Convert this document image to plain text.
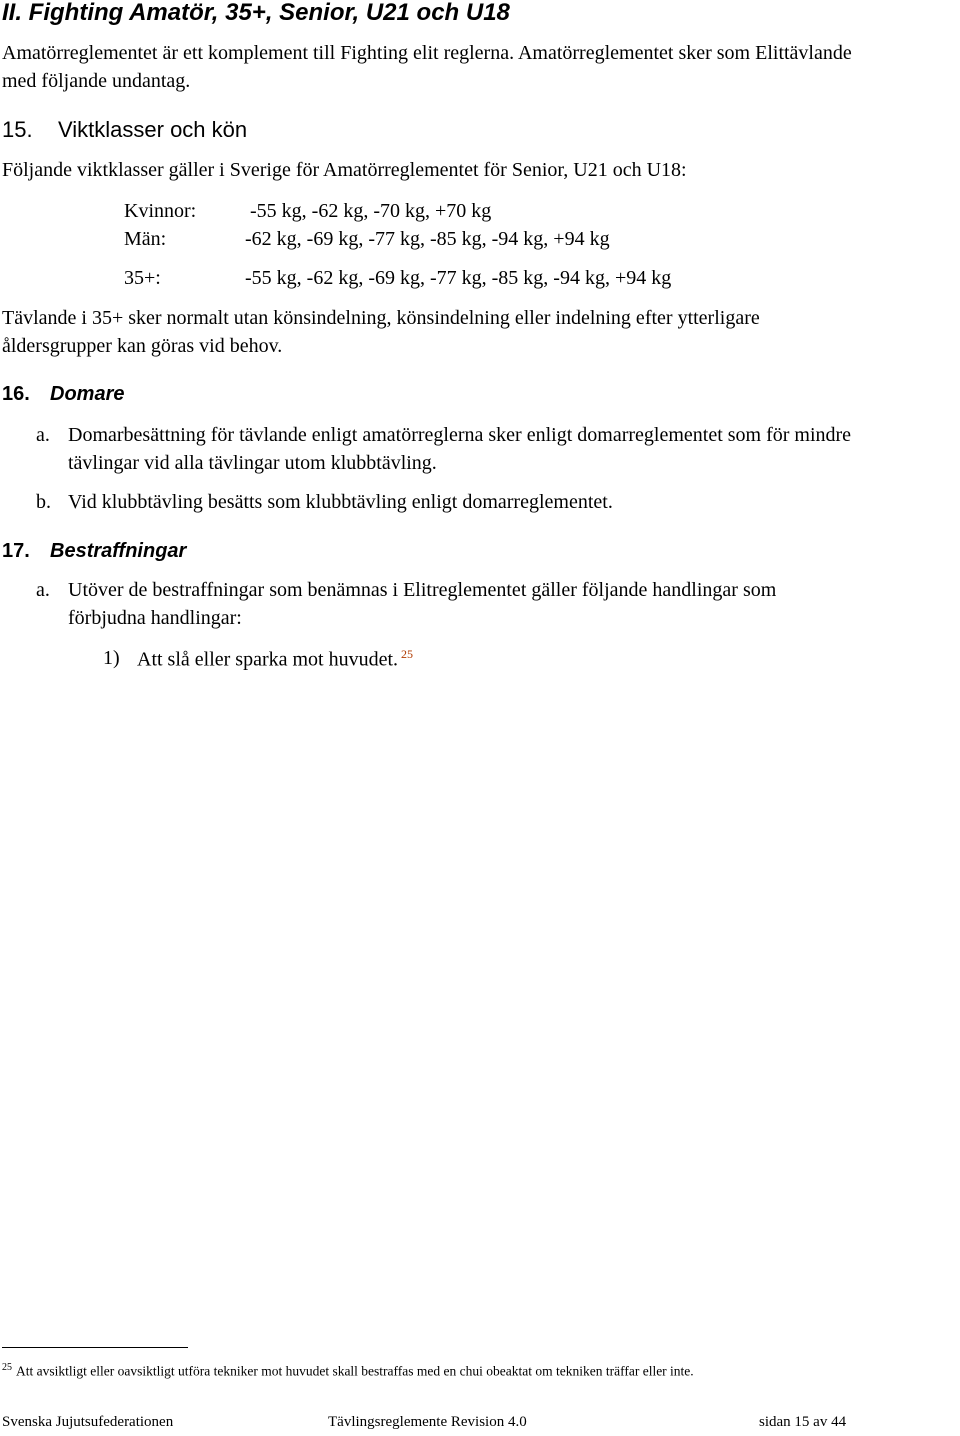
II. Fighting Amatör, 35+, Senior, U21 och U18
Amatörreglementet är ett komplement till Fighting elit reglerna. Amatörreglementet sker som Elittävlande
med följande undantag.
15. Viktklasser och kön
Följande viktklasser gäller i Sverige för Amatörreglementet för Senior, U21 och U18:
Kvinnor:	-55 kg, -62 kg, -70 kg, +70 kg
Män:	-62 kg, -69 kg, -77 kg, -85 kg, -94 kg, +94 kg
35+:	-55 kg, -62 kg, -69 kg, -77 kg, -85 kg, -94 kg, +94 kg
Tävlande i 35+ sker normalt utan könsindelning, könsindelning eller indelning efter ytterligare
åldersgrupper kan göras vid behov.
16. Domare
a. Domarbesättning för tävlande enligt amatörreglerna sker enligt domarreglementet som för mindre
tävlingar vid alla tävlingar utom klubbtävling.
b. Vid klubbtävling besätts som klubbtävling enligt domarreglementet.
17. Bestraffningar
a. Utöver de bestraffningar som benämnas i Elitreglementet gäller följande handlingar som
förbjudna handlingar:
1) Att slå eller sparka mot huvudet. $^{25}$
$^{25}$ Att avsiktligt eller oavsiktligt utföra tekniker mot huvudet skall bestraffas med en chui obeaktat om tekniken träffar eller inte.
Svenska Jujutsufederationen	Tävlingsreglemente Revision 4.0	sidan 15 av 44
